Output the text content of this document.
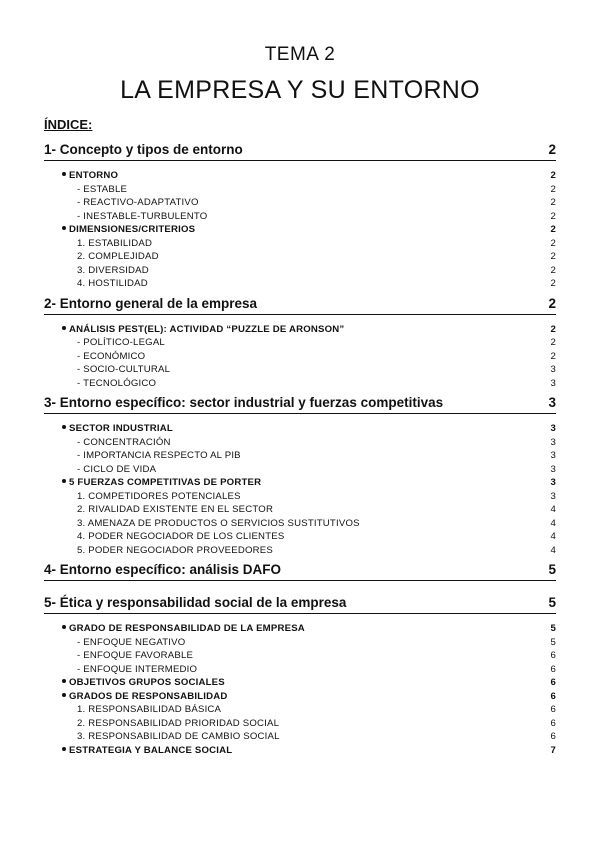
TEMA 2
LA EMPRESA Y SU ENTORNO
ÍNDICE:
1- Concepto y tipos de entorno	2
ENTORNO	2
- ESTABLE	2
- REACTIVO-ADAPTATIVO	2
- INESTABLE-TURBULENTO	2
DIMENSIONES/CRITERIOS	2
1. ESTABILIDAD	2
2. COMPLEJIDAD	2
3. DIVERSIDAD	2
4. HOSTILIDAD	2
2- Entorno general de la empresa	2
ANÁLISIS PEST(EL): ACTIVIDAD “PUZZLE DE ARONSON”	2
- POLÍTICO-LEGAL	2
- ECONÓMICO	2
- SOCIO-CULTURAL	3
- TECNOLÓGICO	3
3- Entorno específico: sector industrial y fuerzas competitivas	3
SECTOR INDUSTRIAL	3
- CONCENTRACIÓN	3
- IMPORTANCIA RESPECTO AL PIB	3
- CICLO DE VIDA	3
5 FUERZAS COMPETITIVAS DE PORTER	3
1. COMPETIDORES POTENCIALES	3
2. RIVALIDAD EXISTENTE EN EL SECTOR	4
3. AMENAZA DE PRODUCTOS O SERVICIOS SUSTITUTIVOS	4
4. PODER NEGOCIADOR DE LOS CLIENTES	4
5. PODER NEGOCIADOR PROVEEDORES	4
4- Entorno específico: análisis DAFO	5
5- Ética y responsabilidad social de la empresa	5
GRADO DE RESPONSABILIDAD DE LA EMPRESA	5
- ENFOQUE NEGATIVO	5
- ENFOQUE FAVORABLE	6
- ENFOQUE INTERMEDIO	6
OBJETIVOS GRUPOS SOCIALES	6
GRADOS DE RESPONSABILIDAD	6
1. RESPONSABILIDAD BÁSICA	6
2. RESPONSABILIDAD PRIORIDAD SOCIAL	6
3. RESPONSABILIDAD DE CAMBIO SOCIAL	6
ESTRATEGIA Y BALANCE SOCIAL	7
